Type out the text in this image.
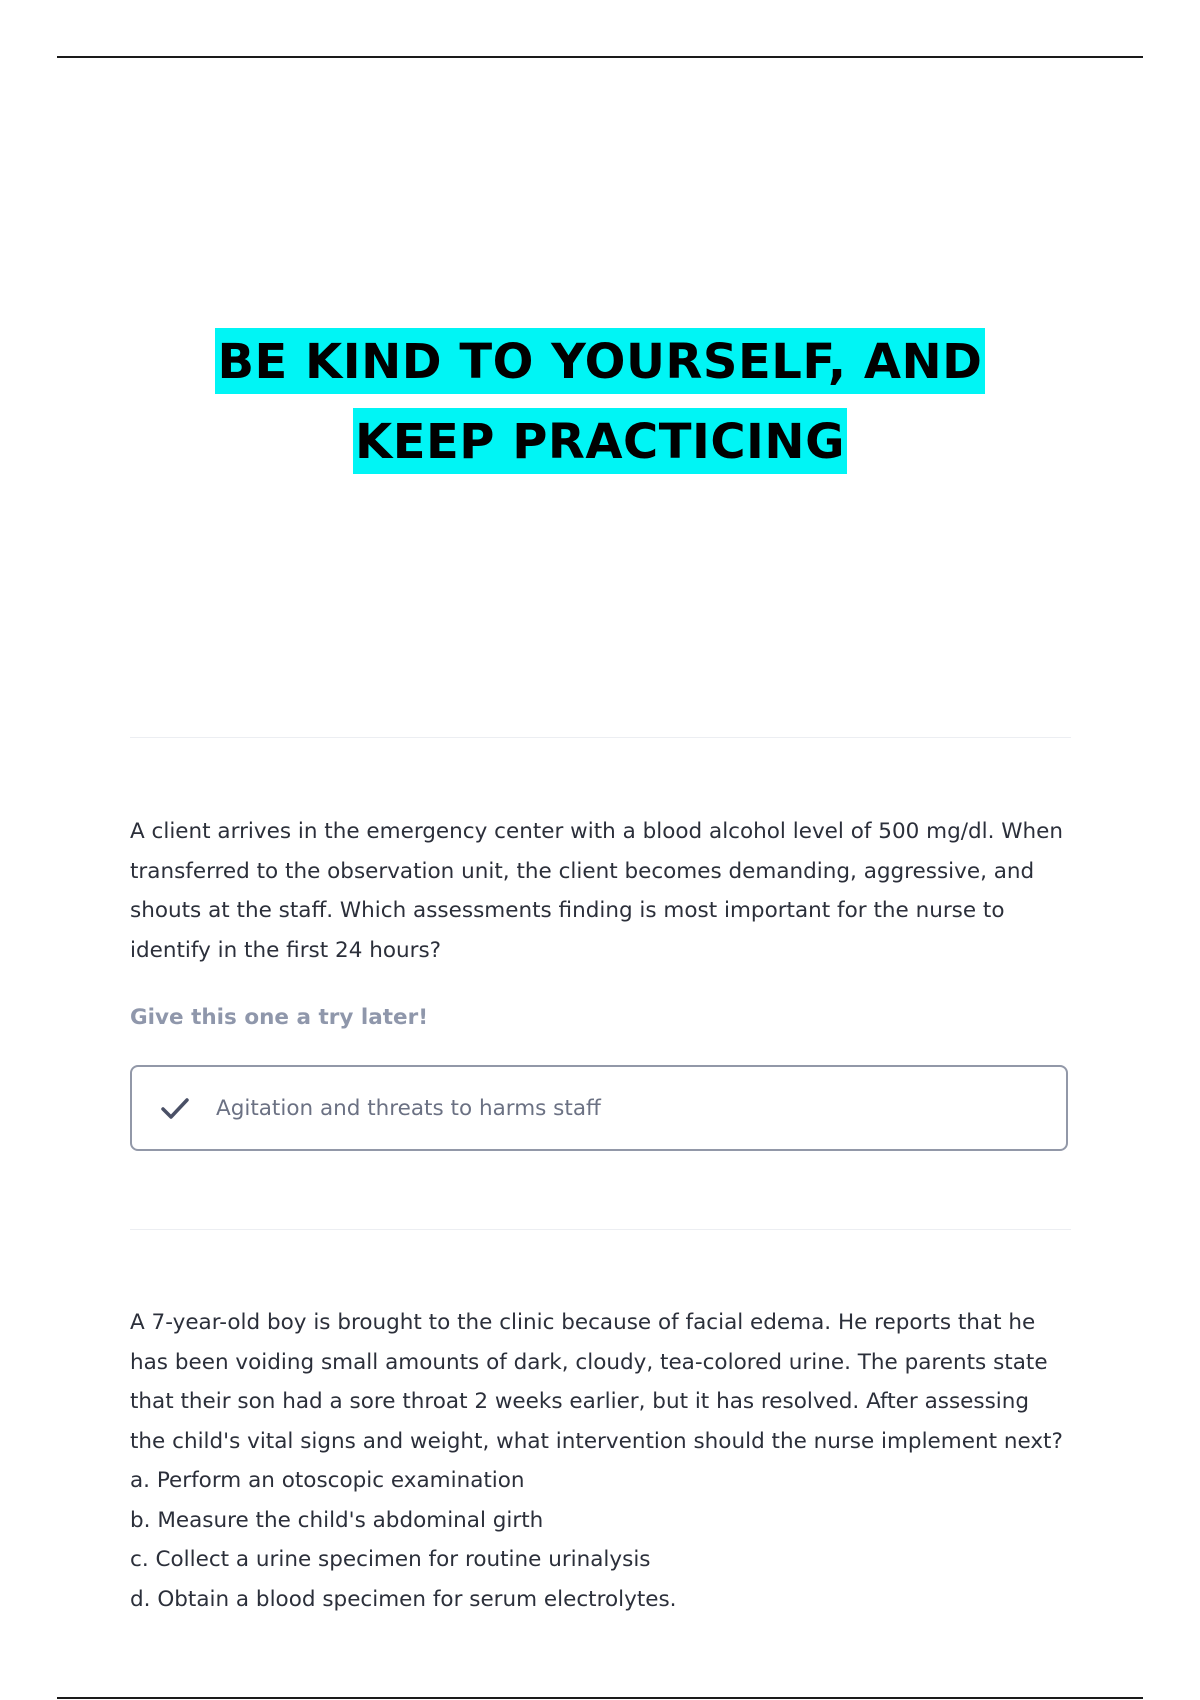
BE KIND TO YOURSELF, AND
KEEP PRACTICING

A client arrives in the emergency center with a blood alcohol level of 500 mg/dl. When transferred to the observation unit, the client becomes demanding, aggressive, and shouts at the staff. Which assessments finding is most important for the nurse to identify in the first 24 hours?

Give this one a try later!
Agitation and threats to harms staff

A 7-year-old boy is brought to the clinic because of facial edema. He reports that he has been voiding small amounts of dark, cloudy, tea-colored urine. The parents state that their son had a sore throat 2 weeks earlier, but it has resolved. After assessing the child's vital signs and weight, what intervention should the nurse implement next?

a. Perform an otoscopic examination
b. Measure the child's abdominal girth
c. Collect a urine specimen for routine urinalysis
d. Obtain a blood specimen for serum electrolytes.
